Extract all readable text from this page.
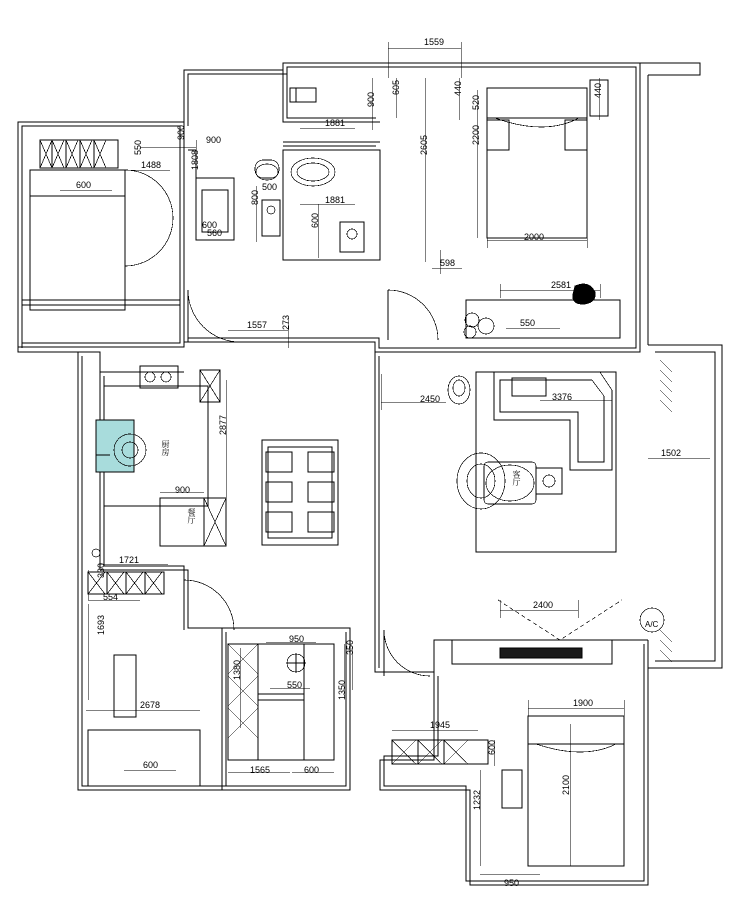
1559
900
605	440	440
520
1881
2200
2605
2000
900
1488
550
900
1808
600	500
1881
800
600
560
600
598
2581
550
1557 273
2450	3376
1502
2877
900
1721
330
554
1693
2678
600
950
350
550
1380
1350
1565	600
2400
1900
1945
600
2100
1232
950
厨房
餐厅
客厅
A/C
